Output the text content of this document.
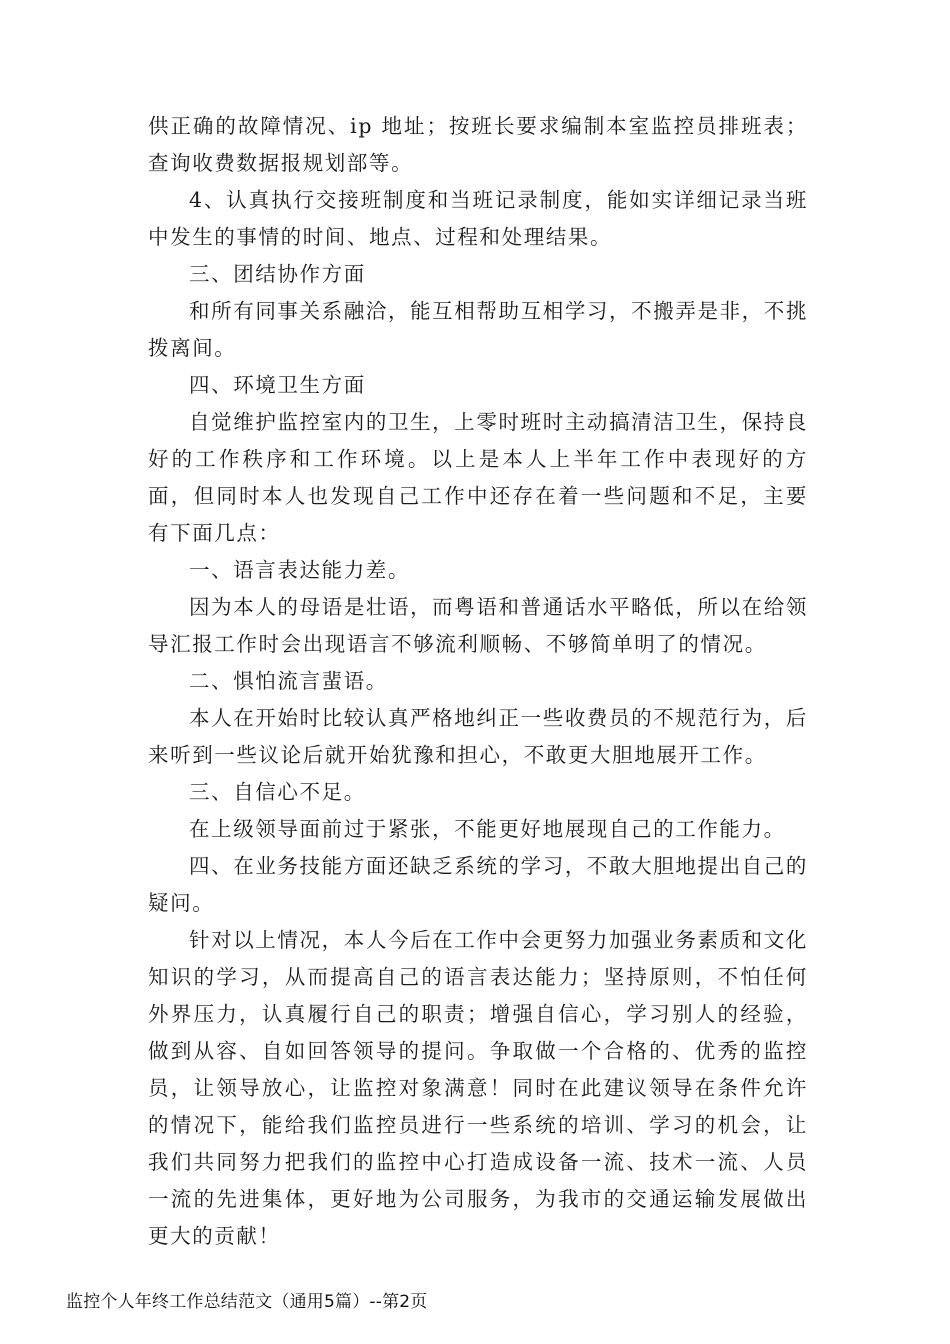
供正确的故障情况、ip 地址；按班长要求编制本室监控员排班表；查询收费数据报规划部等。

4、认真执行交接班制度和当班记录制度，能如实详细记录当班中发生的事情的时间、地点、过程和处理结果。

三、团结协作方面

和所有同事关系融洽，能互相帮助互相学习，不搬弄是非，不挑拨离间。

四、环境卫生方面

自觉维护监控室内的卫生，上零时班时主动搞清洁卫生，保持良好的工作秩序和工作环境。以上是本人上半年工作中表现好的方面，但同时本人也发现自己工作中还存在着一些问题和不足，主要有下面几点：

一、语言表达能力差。

因为本人的母语是壮语，而粤语和普通话水平略低，所以在给领导汇报工作时会出现语言不够流利顺畅、不够简单明了的情况。

二、惧怕流言蜚语。

本人在开始时比较认真严格地纠正一些收费员的不规范行为，后来听到一些议论后就开始犹豫和担心，不敢更大胆地展开工作。

三、自信心不足。

在上级领导面前过于紧张，不能更好地展现自己的工作能力。

四、在业务技能方面还缺乏系统的学习，不敢大胆地提出自己的疑问。

针对以上情况，本人今后在工作中会更努力加强业务素质和文化知识的学习，从而提高自己的语言表达能力；坚持原则，不怕任何外界压力，认真履行自己的职责；增强自信心，学习别人的经验，做到从容、自如回答领导的提问。争取做一个合格的、优秀的监控员，让领导放心，让监控对象满意！同时在此建议领导在条件允许的情况下，能给我们监控员进行一些系统的培训、学习的机会，让我们共同努力把我们的监控中心打造成设备一流、技术一流、人员一流的先进集体，更好地为公司服务，为我市的交通运输发展做出更大的贡献！

监控个人年终工作总结范文（通用5篇）--第2页
